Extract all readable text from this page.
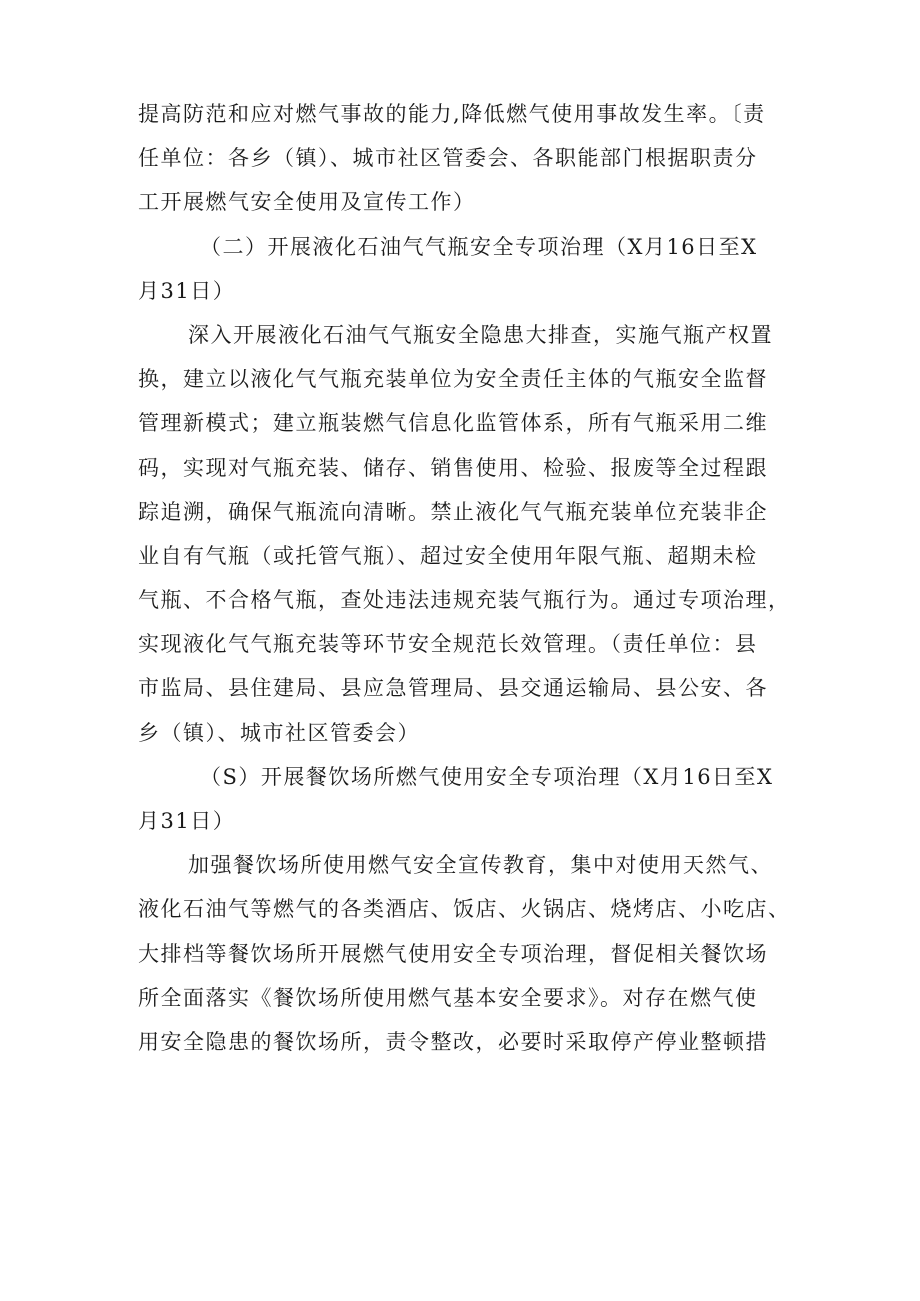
提高防范和应对燃气事故的能力,降低燃气使用事故发生率。〔责
任单位：各乡（镇）、城市社区管委会、各职能部门根据职责分
工开展燃气安全使用及宣传工作）
（二）开展液化石油气气瓶安全专项治理（X月16日至X
月31日）
深入开展液化石油气气瓶安全隐患大排查，实施气瓶产权置
换，建立以液化气气瓶充装单位为安全责任主体的气瓶安全监督
管理新模式；建立瓶装燃气信息化监管体系，所有气瓶采用二维
码，实现对气瓶充装、储存、销售使用、检验、报废等全过程跟
踪追溯，确保气瓶流向清晰。禁止液化气气瓶充装单位充装非企
业自有气瓶（或托管气瓶）、超过安全使用年限气瓶、超期未检
气瓶、不合格气瓶，查处违法违规充装气瓶行为。通过专项治理，
实现液化气气瓶充装等环节安全规范长效管理。（责任单位：县
市监局、县住建局、县应急管理局、县交通运输局、县公安、各
乡（镇）、城市社区管委会）
（S）开展餐饮场所燃气使用安全专项治理（X月16日至X
月31日）
加强餐饮场所使用燃气安全宣传教育，集中对使用天然气、
液化石油气等燃气的各类酒店、饭店、火锅店、烧烤店、小吃店、
大排档等餐饮场所开展燃气使用安全专项治理，督促相关餐饮场
所全面落实《餐饮场所使用燃气基本安全要求》。对存在燃气使
用安全隐患的餐饮场所，责令整改，必要时采取停产停业整顿措
